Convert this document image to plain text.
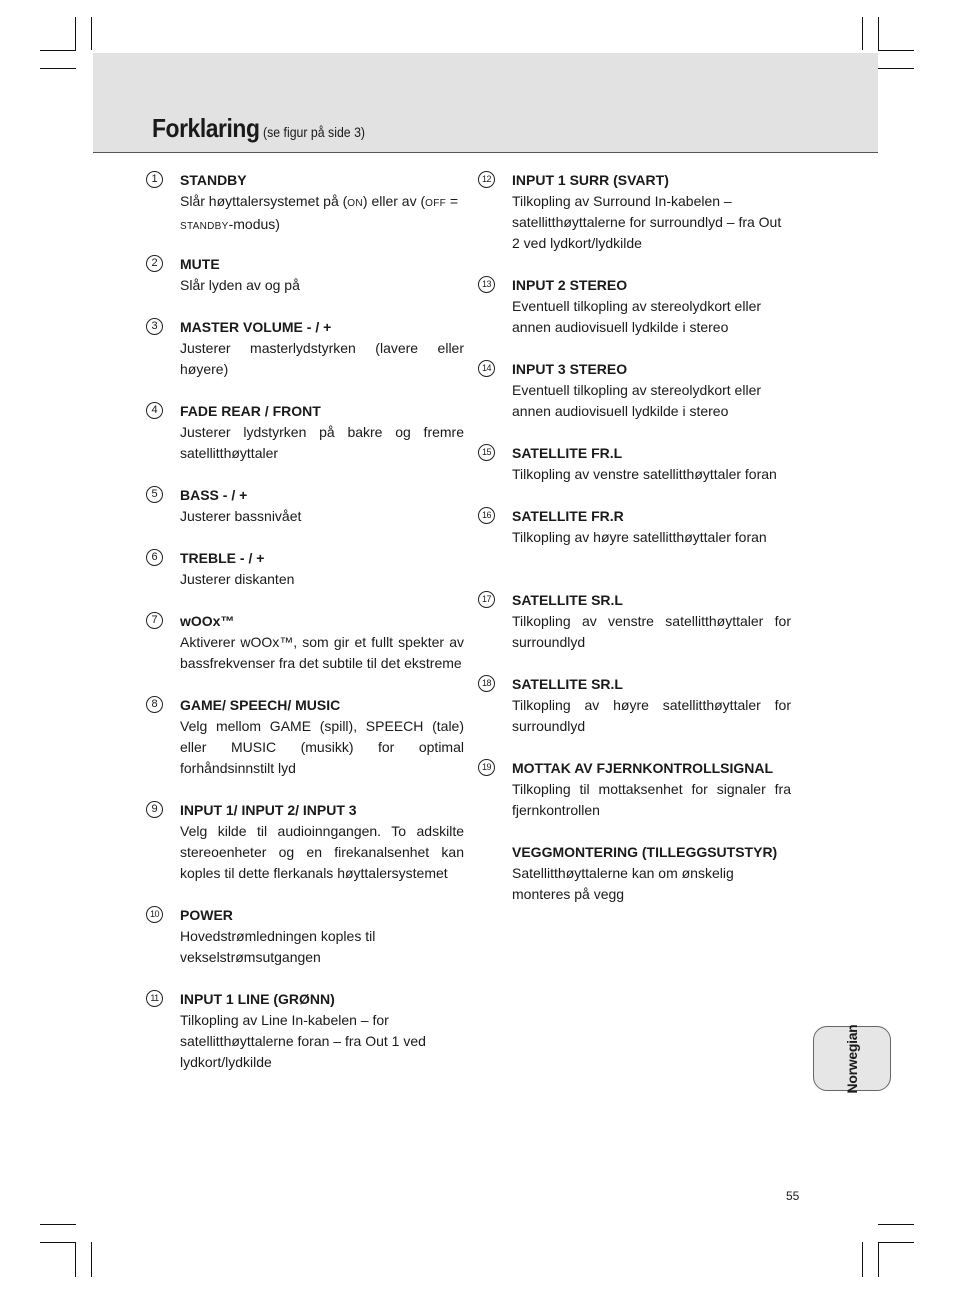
Forklaring (se figur på side 3)
1	STANDBY
Slår høyttalersystemet på (ON) eller av (OFF = STANDBY-modus)
2	MUTE
Slår lyden av og på
3	MASTER VOLUME - / +
Justerer masterlydstyrken (lavere eller høyere)
4	FADE REAR / FRONT
Justerer lydstyrken på bakre og fremre satellitthøyttaler
5	BASS - / +
Justerer bassnivået
6	TREBLE - / +
Justerer diskanten
7	wOOx™
Aktiverer wOOx™, som gir et fullt spekter av bassfrekvenser fra det subtile til det ekstreme
8	GAME/ SPEECH/ MUSIC
Velg mellom GAME (spill), SPEECH (tale) eller MUSIC (musikk) for optimal forhåndsinnstilt lyd
9	INPUT 1/ INPUT 2/ INPUT 3
Velg kilde til audioinngangen. To adskilte stereoenheter og en firekanalsenhet kan koples til dette flerkanals høyttalersystemet
10 POWER
Hovedstrømledningen koples til vekselstrømsutgangen
11	INPUT 1 LINE (GRØNN)
Tilkopling av Line In-kabelen – for satellitthøyttalerne foran – fra Out 1 ved lydkort/lydkilde
12 INPUT 1 SURR (SVART)
Tilkopling av Surround In-kabelen – satellitthøyttalerne for surroundlyd – fra Out 2 ved lydkort/lydkilde
13 INPUT 2 STEREO
Eventuell tilkopling av stereolydkort eller annen audiovisuell lydkilde i stereo
14 INPUT 3 STEREO
Eventuell tilkopling av stereolydkort eller annen audiovisuell lydkilde i stereo
15 SATELLITE FR.L
Tilkopling av venstre satellitthøyttaler foran
16 SATELLITE FR.R
Tilkopling av høyre satellitthøyttaler foran
17 SATELLITE SR.L
Tilkopling av venstre satellitthøyttaler for surroundlyd
18 SATELLITE SR.L
Tilkopling av høyre satellitthøyttaler for surroundlyd
19 MOTTAK AV FJERNKONTROLLSIGNAL
Tilkopling til mottaksenhet for signaler fra fjernkontrollen
VEGGMONTERING (TILLEGGSUTSTYR)
Satellitthøyttalerne kan om ønskelig monteres på vegg
Norwegian
55
